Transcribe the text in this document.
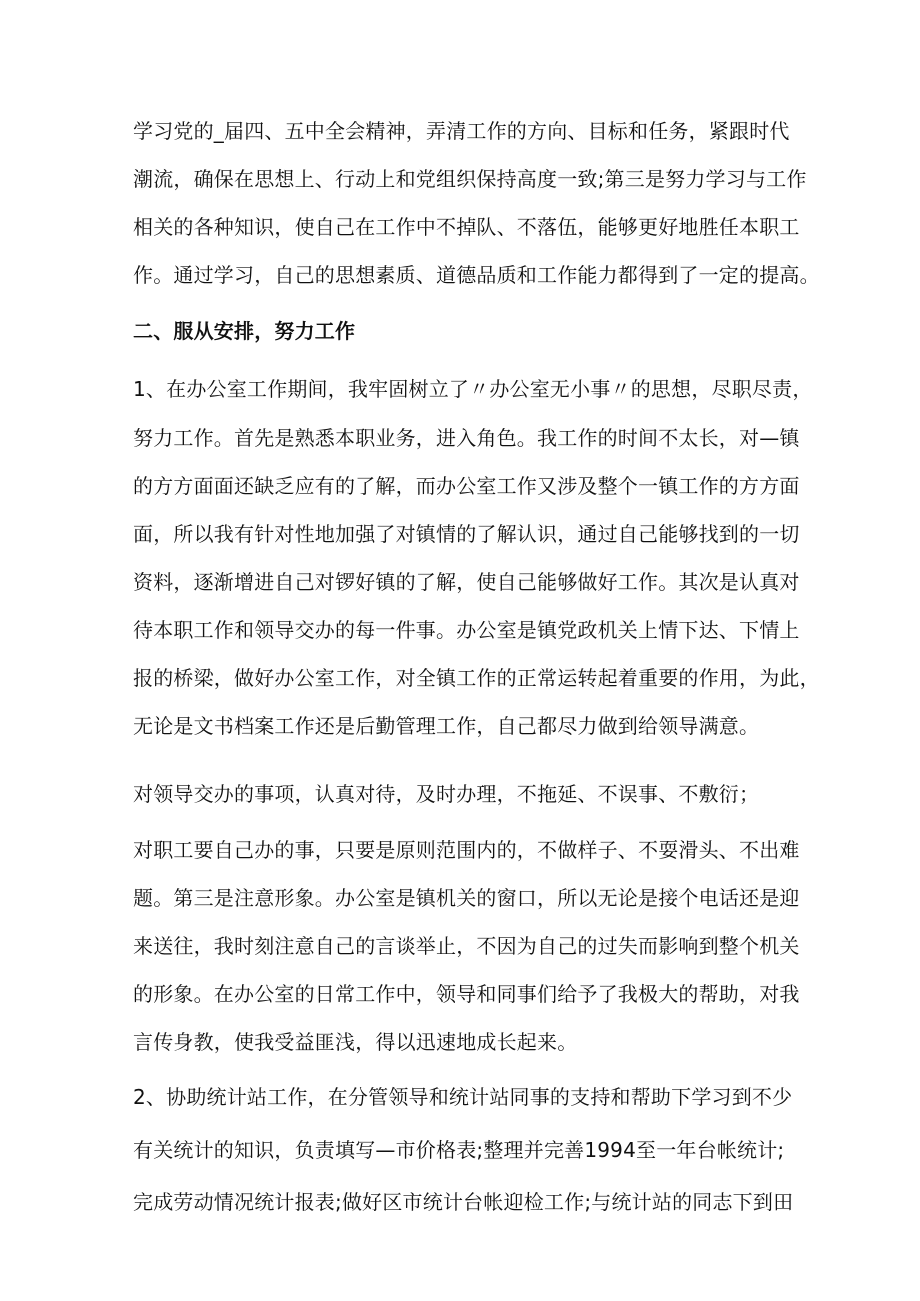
学习党的_届四、五中全会精神，弄清工作的方向、目标和任务，紧跟时代
潮流，确保在思想上、行动上和党组织保持高度一致;第三是努力学习与工作
相关的各种知识，使自己在工作中不掉队、不落伍，能够更好地胜任本职工
作。通过学习，自己的思想素质、道德品质和工作能力都得到了一定的提高。
二、服从安排，努力工作
1、在办公室工作期间，我牢固树立了〃办公室无小事〃的思想，尽职尽责，
努力工作。首先是熟悉本职业务，进入角色。我工作的时间不太长，对—镇
的方方面面还缺乏应有的了解，而办公室工作又涉及整个一镇工作的方方面
面，所以我有针对性地加强了对镇情的了解认识，通过自己能够找到的一切
资料，逐渐增进自己对锣好镇的了解，使自己能够做好工作。其次是认真对
待本职工作和领导交办的每一件事。办公室是镇党政机关上情下达、下情上
报的桥梁，做好办公室工作，对全镇工作的正常运转起着重要的作用，为此，
无论是文书档案工作还是后勤管理工作，自己都尽力做到给领导满意。
对领导交办的事项，认真对待，及时办理，不拖延、不误事、不敷衍；
对职工要自己办的事，只要是原则范围内的，不做样子、不耍滑头、不出难
题。第三是注意形象。办公室是镇机关的窗口，所以无论是接个电话还是迎
来送往，我时刻注意自己的言谈举止，不因为自己的过失而影响到整个机关
的形象。在办公室的日常工作中，领导和同事们给予了我极大的帮助，对我
言传身教，使我受益匪浅，得以迅速地成长起来。
2、协助统计站工作，在分管领导和统计站同事的支持和帮助下学习到不少
有关统计的知识，负责填写—市价格表;整理并完善1994至一年台帐统计;
完成劳动情况统计报表;做好区市统计台帐迎检工作;与统计站的同志下到田
